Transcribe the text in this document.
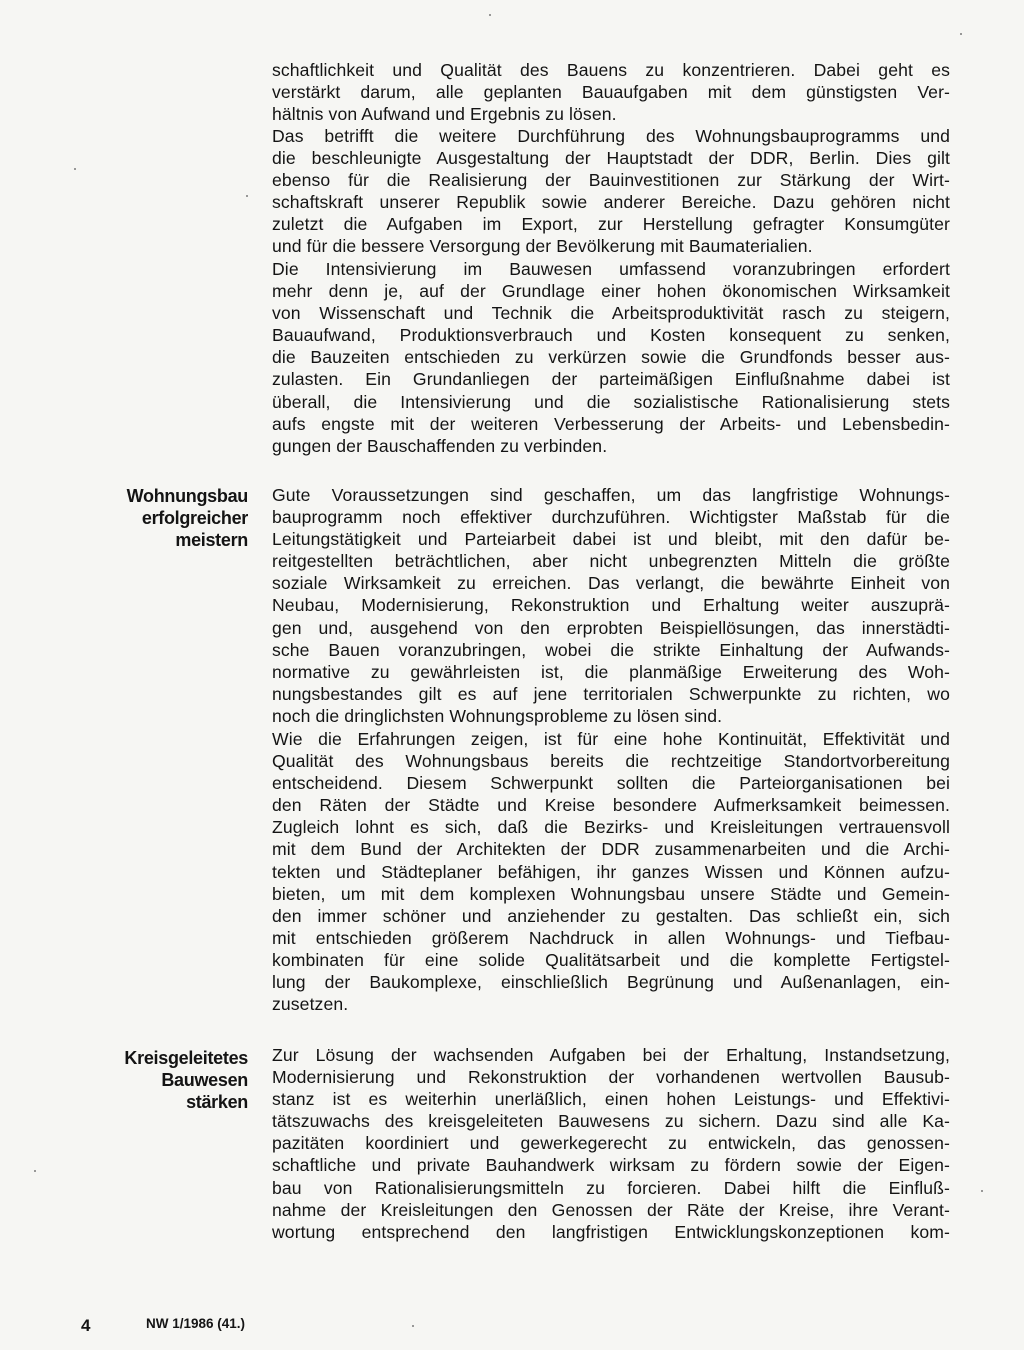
schaftlichkeit und Qualität des Bauens zu konzentrieren. Dabei geht es
verstärkt darum, alle geplanten Bauaufgaben mit dem günstigsten Ver-
hältnis von Aufwand und Ergebnis zu lösen.
Das betrifft die weitere Durchführung des Wohnungsbauprogramms und
die beschleunigte Ausgestaltung der Hauptstadt der DDR, Berlin. Dies gilt
ebenso für die Realisierung der Bauinvestitionen zur Stärkung der Wirt-
schaftskraft unserer Republik sowie anderer Bereiche. Dazu gehören nicht
zuletzt die Aufgaben im Export, zur Herstellung gefragter Konsumgüter
und für die bessere Versorgung der Bevölkerung mit Baumaterialien.
Die Intensivierung im Bauwesen umfassend voranzubringen erfordert
mehr denn je, auf der Grundlage einer hohen ökonomischen Wirksamkeit
von Wissenschaft und Technik die Arbeitsproduktivität rasch zu steigern,
Bauaufwand, Produktionsverbrauch und Kosten konsequent zu senken,
die Bauzeiten entschieden zu verkürzen sowie die Grundfonds besser aus-
zulasten. Ein Grundanliegen der parteimäßigen Einflußnahme dabei ist
überall, die Intensivierung und die sozialistische Rationalisierung stets
aufs engste mit der weiteren Verbesserung der Arbeits- und Lebensbedin-
gungen der Bauschaffenden zu verbinden.
Wohnungsbau
erfolgreicher
meistern
Gute Voraussetzungen sind geschaffen, um das langfristige Wohnungs-
bauprogramm noch effektiver durchzuführen. Wichtigster Maßstab für die
Leitungstätigkeit und Parteiarbeit dabei ist und bleibt, mit den dafür be-
reitgestellten beträchtlichen, aber nicht unbegrenzten Mitteln die größte
soziale Wirksamkeit zu erreichen. Das verlangt, die bewährte Einheit von
Neubau, Modernisierung, Rekonstruktion und Erhaltung weiter auszuprä-
gen und, ausgehend von den erprobten Beispiellösungen, das innerstädti-
sche Bauen voranzubringen, wobei die strikte Einhaltung der Aufwands-
normative zu gewährleisten ist, die planmäßige Erweiterung des Woh-
nungsbestandes gilt es auf jene territorialen Schwerpunkte zu richten, wo
noch die dringlichsten Wohnungsprobleme zu lösen sind.
Wie die Erfahrungen zeigen, ist für eine hohe Kontinuität, Effektivität und
Qualität des Wohnungsbaus bereits die rechtzeitige Standortvorbereitung
entscheidend. Diesem Schwerpunkt sollten die Parteiorganisationen bei
den Räten der Städte und Kreise besondere Aufmerksamkeit beimessen.
Zugleich lohnt es sich, daß die Bezirks- und Kreisleitungen vertrauensvoll
mit dem Bund der Architekten der DDR zusammenarbeiten und die Archi-
tekten und Städteplaner befähigen, ihr ganzes Wissen und Können aufzu-
bieten, um mit dem komplexen Wohnungsbau unsere Städte und Gemein-
den immer schöner und anziehender zu gestalten. Das schließt ein, sich
mit entschieden größerem Nachdruck in allen Wohnungs- und Tiefbau-
kombinaten für eine solide Qualitätsarbeit und die komplette Fertigstel-
lung der Baukomplexe, einschließlich Begrünung und Außenanlagen, ein-
zusetzen.
Kreisgeleitetes
Bauwesen
stärken
Zur Lösung der wachsenden Aufgaben bei der Erhaltung, Instandsetzung,
Modernisierung und Rekonstruktion der vorhandenen wertvollen Bausub-
stanz ist es weiterhin unerläßlich, einen hohen Leistungs- und Effektivi-
tätszuwachs des kreisgeleiteten Bauwesens zu sichern. Dazu sind alle Ka-
pazitäten koordiniert und gewerkegerecht zu entwickeln, das genossen-
schaftliche und private Bauhandwerk wirksam zu fördern sowie der Eigen-
bau von Rationalisierungsmitteln zu forcieren. Dabei hilft die Einfluß-
nahme der Kreisleitungen den Genossen der Räte der Kreise, ihre Verant-
wortung entsprechend den langfristigen Entwicklungskonzeptionen kom-
4	NW 1/1986 (41.)
